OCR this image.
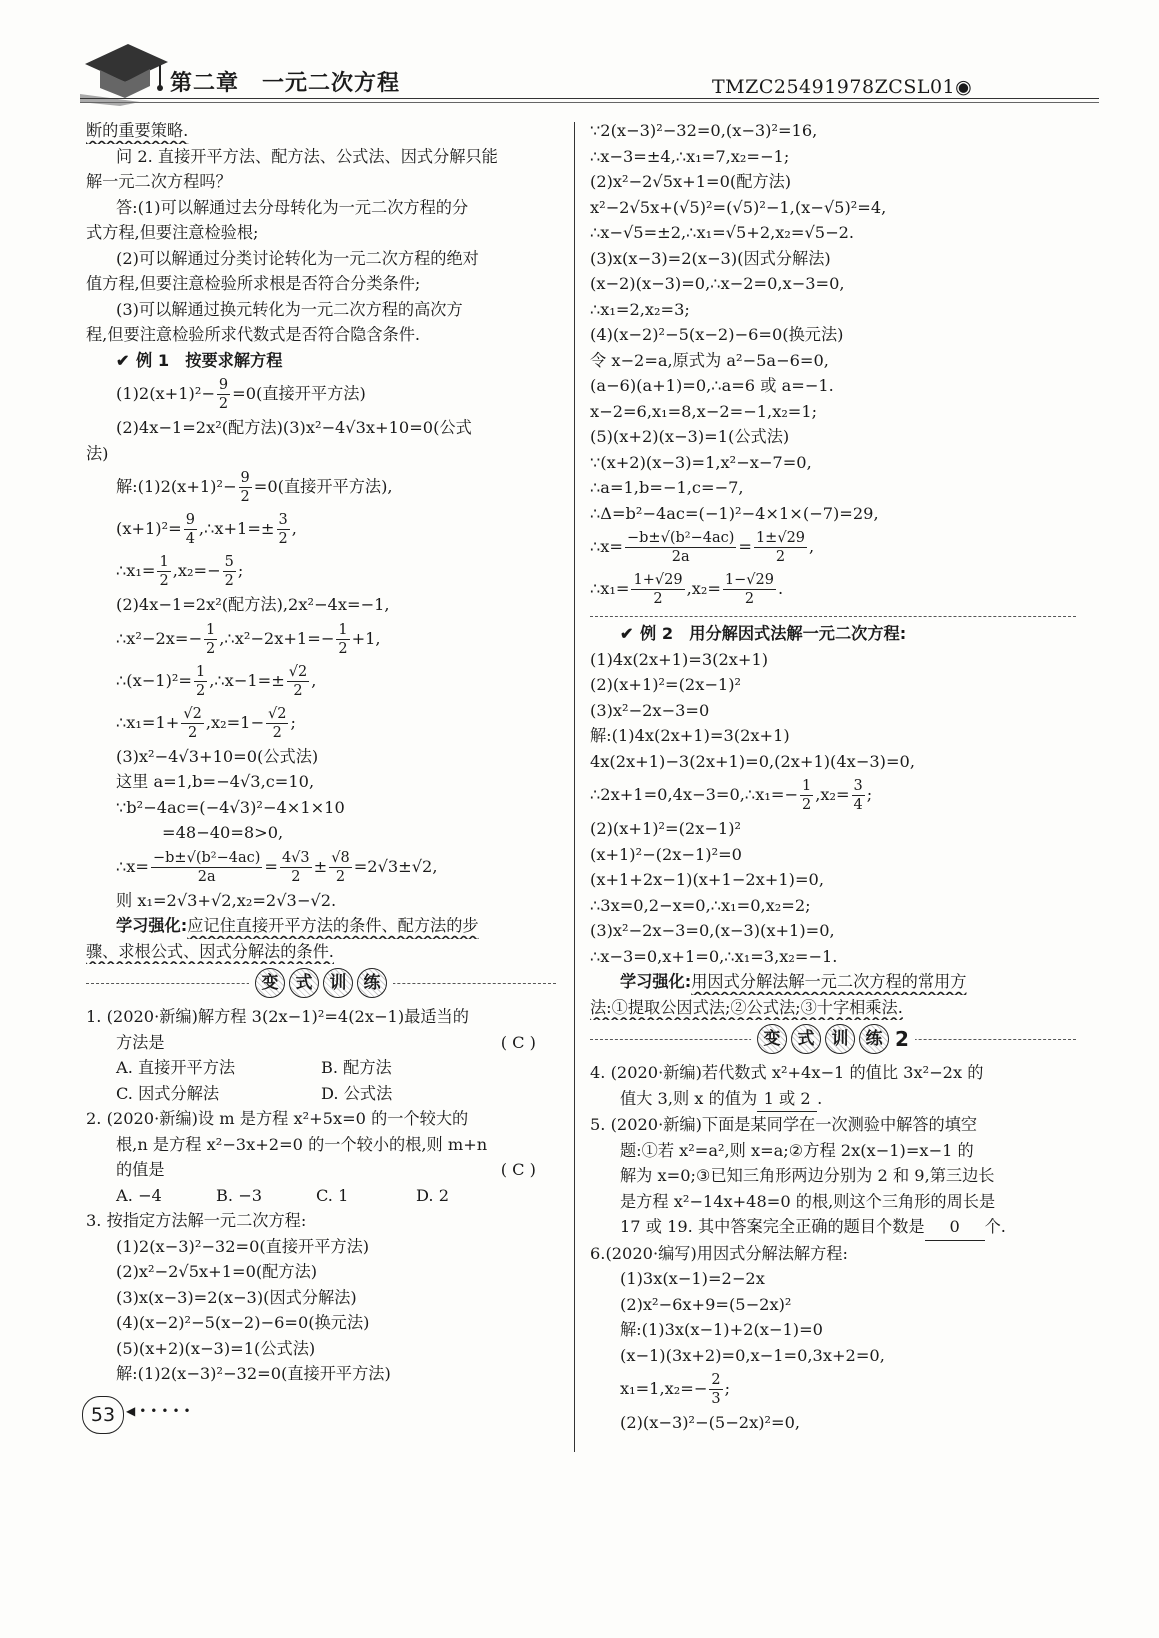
第二章　一元二次方程	TMZC25491978ZCSL01◉
断的重要策略.
问 2. 直接开平方法、配方法、公式法、因式分解只能
解一元二次方程吗？
答:(1)可以解通过去分母转化为一元二次方程的分
式方程,但要注意检验根;
(2)可以解通过分类讨论转化为一元二次方程的绝对
值方程,但要注意检验所求根是否符合分类条件;
(3)可以解通过换元转化为一元二次方程的高次方
程,但要注意检验所求代数式是否符合隐含条件.
✔ 例 1　按要求解方程
$(1)2(x+1)^2- \frac{9}{2} =0$(直接开平方法)
(2)4x−1=2x²(配方法)(3)x²−4√3x+10=0(公式
法)
解:(1)2(x+1)²− $\frac{9}{2} =0$(直接开平方法),
$(x+1)^2= \frac{9}{4}$ ,∴x+1=± $\frac{3}{2}$ ,
∴x₁= $\frac{1}{2} ,x_2=- \frac{5}{2}$ ;
(2)4x−1=2x²(配方法),2x²−4x=−1,
∴x²−2x=− $\frac{1}{2}$ ,∴x²−2x+1=− $\frac{1}{2} +1$,
∴(x−1)²= $\frac{1}{2}$ ,∴x−1=± $\frac{√2}{2}$ ,
∴x₁=1+ $\frac{√2}{2} ,x_2=1- \frac{√2}{2}$ ;
(3)x²−4√3+10=0(公式法)
这里 a=1,b=−4√3,c=10,
∵b²−4ac=(−4√3)²−4×1×10
=48−40=8>0,
∴x= $\frac{\text{−b±√(b²−4ac)}}{2a} = \frac{4√3}{2} \pm \frac{√8}{2} =2√3\pm√2$,
则 x₁=2√3+√2,x₂=2√3−√2.
学习强化:应记住直接开平方法的条件、配方法的步
骤、求根公式、因式分解法的条件.
变	式	训	练
1. (2020·新编)解方程 3(2x−1)²=4(2x−1)最适当的
方法是	( C )
A. 直接开平方法	B. 配方法
C. 因式分解法	D. 公式法
2. (2020·新编)设 m 是方程 x²+5x=0 的一个较大的
根,n 是方程 x²−3x+2=0 的一个较小的根,则 m+n
的值是	( C )
A. −4	B. −3	C. 1	D. 2
3. 按指定方法解一元二次方程:
(1)2(x−3)²−32=0(直接开平方法)
(2)x²−2√5x+1=0(配方法)
(3)x(x−3)=2(x−3)(因式分解法)
(4)(x−2)²−5(x−2)−6=0(换元法)
(5)(x+2)(x−3)=1(公式法)
解:(1)2(x−3)²−32=0(直接开平方法)
∵2(x−3)²−32=0,(x−3)²=16,
∴x−3=±4,∴x₁=7,x₂=−1;
(2)x²−2√5x+1=0(配方法)
x²−2√5x+(√5)²=(√5)²−1,(x−√5)²=4,
∴x−√5=±2,∴x₁=√5+2,x₂=√5−2.
(3)x(x−3)=2(x−3)(因式分解法)
(x−2)(x−3)=0,∴x−2=0,x−3=0,
∴x₁=2,x₂=3;
(4)(x−2)²−5(x−2)−6=0(换元法)
令 x−2=a,原式为 a²−5a−6=0,
(a−6)(a+1)=0,∴a=6 或 a=−1.
x−2=6,x₁=8,x−2=−1,x₂=1;
(5)(x+2)(x−3)=1(公式法)
∵(x+2)(x−3)=1,x²−x−7=0,
∴a=1,b=−1,c=−7,
∴Δ=b²−4ac=(−1)²−4×1×(−7)=29,
∴x= $\frac{\text{−b±√(b²−4ac)}}{2a} = \frac{1\pm√29}{2}$ ,
∴x₁= $\frac{1+√29}{2} ,x_2= \frac{1-√29}{2}$ .
✔ 例 2　用分解因式法解一元二次方程:
(1)4x(2x+1)=3(2x+1)
(2)(x+1)²=(2x−1)²
(3)x²−2x−3=0
解:(1)4x(2x+1)=3(2x+1)
4x(2x+1)−3(2x+1)=0,(2x+1)(4x−3)=0,
∴2x+1=0,4x−3=0,∴x₁=− $\frac{1}{2} ,x_2= \frac{3}{4}$ ;
(2)(x+1)²=(2x−1)²
(x+1)²−(2x−1)²=0
(x+1+2x−1)(x+1−2x+1)=0,
∴3x=0,2−x=0,∴x₁=0,x₂=2;
(3)x²−2x−3=0,(x−3)(x+1)=0,
∴x−3=0,x+1=0,∴x₁=3,x₂=−1.
学习强化:用因式分解法解一元二次方程的常用方
法:①提取公因式法;②公式法;③十字相乘法.
变	式	训	练 2
4. (2020·新编)若代数式 x²+4x−1 的值比 3x²−2x 的
值大 3,则 x 的值为 1 或 2 .
5. (2020·新编)下面是某同学在一次测验中解答的填空
题:①若 x²=a²,则 x=a;②方程 2x(x−1)=x−1 的
解为 x=0;③已知三角形两边分别为 2 和 9,第三边长
是方程 x²−14x+48=0 的根,则这个三角形的周长是
17 或 19. 其中答案完全正确的题目个数是 0 个.
6.(2020·编写)用因式分解法解方程:
(1)3x(x−1)=2−2x
(2)x²−6x+9=(5−2x)²
解:(1)3x(x−1)+2(x−1)=0
(x−1)(3x+2)=0,x−1=0,3x+2=0,
$x_1=1,x_2=- \frac{2}{3}$ ;
(2)(x−3)²−(5−2x)²=0,
53 ◀•••••
